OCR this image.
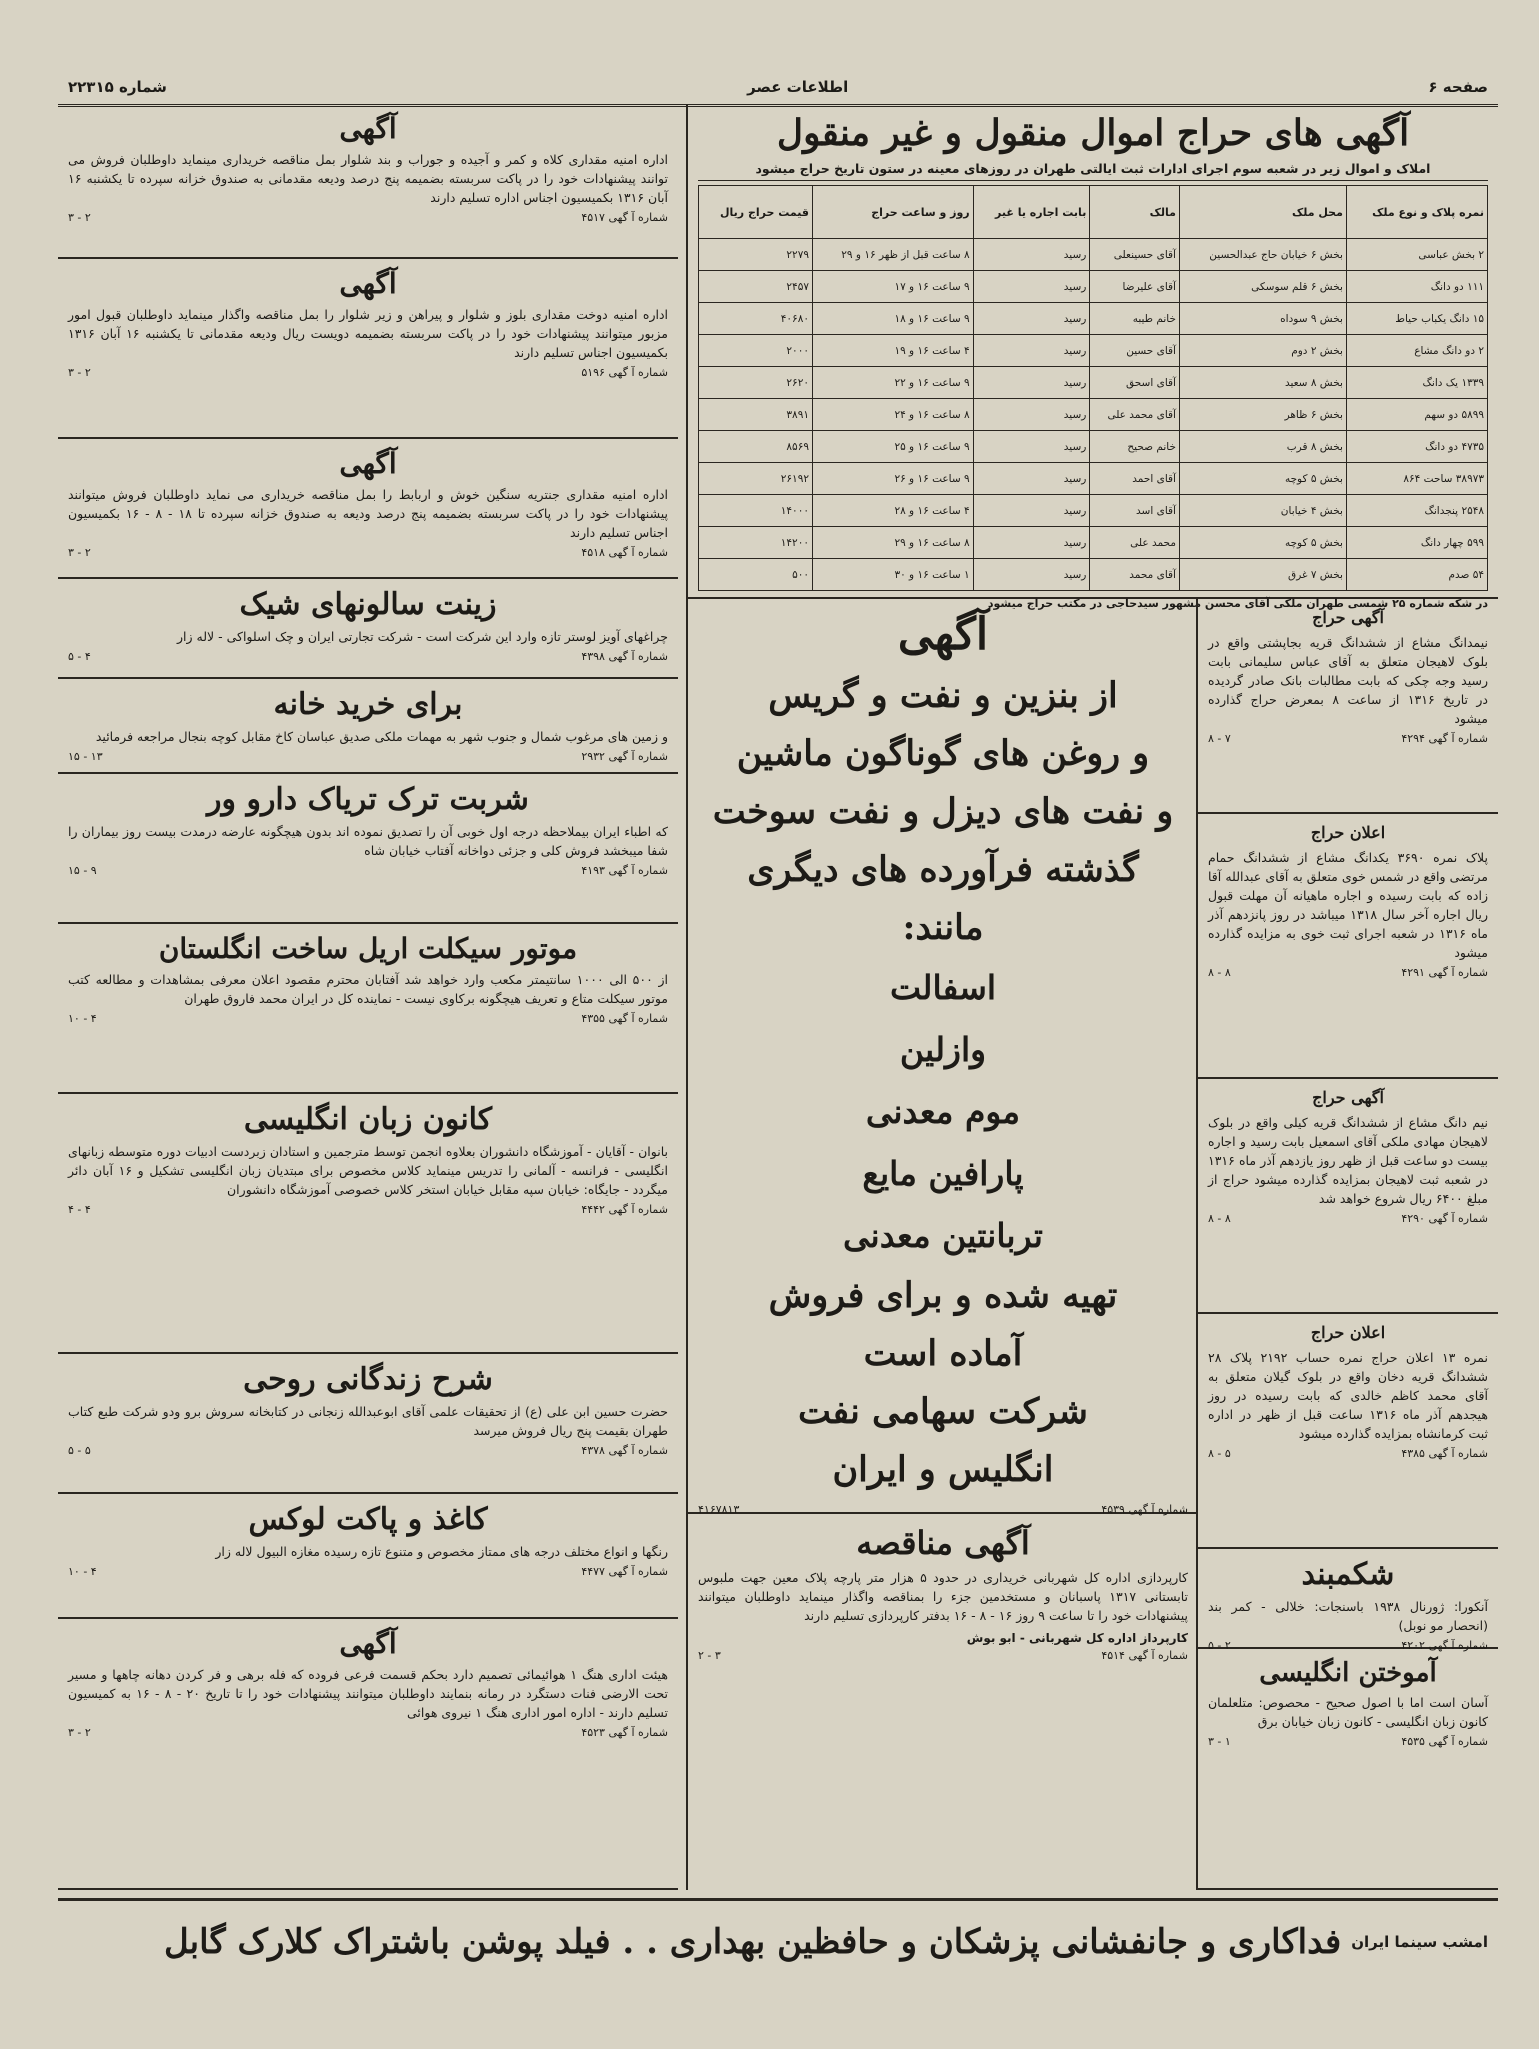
صفحه ۶
اطلاعات عصر
شماره ۲۲۳۱۵
آگهی های حراج اموال منقول و غیر منقول
املاک و اموال زیر در شعبه سوم اجرای ادارات ثبت ایالتی طهران در روزهای معینه در ستون تاریخ حراج میشود
نمره پلاک و نوع ملک	محل ملک	مالک	بابت اجاره یا غیر	روز و ساعت حراج	قیمت حراج ریال
۲ بخش عباسی	بخش ۶ خیابان حاج عبدالحسین	آقای حسینعلی	رسید	۸ ساعت قبل از ظهر ۱۶ و ۲۹	۲۲۷۹
۱۱۱ دو دانگ	بخش ۶ قلم سوسکی	آقای علیرضا	رسید	۹ ساعت ۱۶ و ۱۷	۲۴۵۷
۱۵ دانگ یکباب حیاط	بخش ۹ سوداه	خانم طیبه	رسید	۹ ساعت ۱۶ و ۱۸	۴۰۶۸۰
۲ دو دانگ مشاع	بخش ۲ دوم	آقای حسین	رسید	۴ ساعت ۱۶ و ۱۹	۲۰۰۰
۱۳۳۹ یک دانگ	بخش ۸ سعید	آقای اسحق	رسید	۹ ساعت ۱۶ و ۲۲	۲۶۲۰
۵۸۹۹ دو سهم	بخش ۶ ظاهر	آقای محمد علی	رسید	۸ ساعت ۱۶ و ۲۴	۳۸۹۱
۴۷۳۵ دو دانگ	بخش ۸ قرب	خانم صحیح	رسید	۹ ساعت ۱۶ و ۲۵	۸۵۶۹
۳۸۹۷۳ ساحت ۸۶۴	بخش ۵ کوچه	آقای احمد	رسید	۹ ساعت ۱۶ و ۲۶	۲۶۱۹۲
۲۵۴۸ پنجدانگ	بخش ۴ خیابان	آقای اسد	رسید	۴ ساعت ۱۶ و ۲۸	۱۴۰۰۰
۵۹۹ چهار دانگ	بخش ۵ کوچه	محمد علی	رسید	۸ ساعت ۱۶ و ۲۹	۱۴۲۰۰
۵۴ صدم	بخش ۷ غرق	آقای محمد	رسید	۱ ساعت ۱۶ و ۳۰	۵۰۰
در شکه شماره ۲۵ شمسی طهران ملکی آقای محسن مشهور سیدحاجی در مکتب حراج میشود
آگهی حراج
نیمدانگ مشاع از ششدانگ قریه بجاپشتی واقع در بلوک لاهیجان متعلق به آقای عباس سلیمانی بابت رسید وجه چکی که بابت مطالبات بانک صادر گردیده در تاریخ ۱۳۱۶ از ساعت ۸ بمعرض حراج گذارده میشود
شماره آ گهی ۴۲۹۴
۷ - ۸
اعلان حراج
پلاک نمره ۳۶۹۰ یکدانگ مشاع از ششدانگ حمام مرتضی واقع در شمس خوی متعلق به آقای عبدالله آقا زاده که بابت رسیده و اجاره ماهیانه آن مهلت قبول ریال اجاره آخر سال ۱۳۱۸ میباشد در روز پانزدهم آذر ماه ۱۳۱۶ در شعبه اجرای ثبت خوی به مزایده گذارده میشود
شماره آ گهی ۴۲۹۱
۸ - ۸
آگهی حراج
نیم دانگ مشاع از ششدانگ قریه کیلی واقع در بلوک لاهیجان مهادی ملکی آقای اسمعیل بابت رسید و اجاره بیست دو ساعت قبل از ظهر روز یازدهم آذر ماه ۱۳۱۶ در شعبه ثبت لاهیجان بمزایده گذارده میشود حراج از مبلغ ۶۴۰۰ ریال شروع خواهد شد
شماره آ گهی ۴۲۹۰
۸ - ۸
اعلان حراج
نمره ۱۳ اعلان حراج نمره حساب ۲۱۹۲ پلاک ۲۸ ششدانگ قریه دخان واقع در بلوک گیلان متعلق به آقای محمد کاظم خالدی که بابت رسیده در روز هیجدهم آذر ماه ۱۳۱۶ ساعت قبل از ظهر در اداره ثبت کرمانشاه بمزایده گذارده میشود
شماره آ گهی ۴۳۸۵
۵ - ۸
شکمبند
آنکورا: ژورنال ۱۹۳۸ باسنجات: خلالی - کمر بند (انحصار مو نوبل)
شماره آ گهی ۴۲۰۲
۲ - ۵
آموختن انگلیسی
آسان است اما با اصول صحیح - محصوص: متلعلمان کانون زبان انگلیسی - کانون زبان خیابان برق
شماره آ گهی ۴۵۳۵
۱ - ۳
آگهی
از بنزین و نفت و گریس
و روغن های گوناگون ماشین
و نفت های دیزل و نفت سوخت
گذشته فرآورده های دیگری
مانند:
اسفالت
وازلین
موم معدنی
پارافین مایع
تربانتین معدنی
تهیه شده و برای فروش
آماده است
شرکت سهامی نفت
انگلیس و ایران
شماره آ گهی ۴۵۳۹
۴۱۶۷۸۱۳
آگهی مناقصه
کارپردازی اداره کل شهربانی خریداری در حدود ۵ هزار متر پارچه پلاک معین جهت ملبوس تابستانی ۱۳۱۷ پاسبانان و مستخدمین جزء را بمناقصه واگذار مینماید داوطلبان میتوانند پیشنهادات خود را تا ساعت ۹ روز ۱۶ - ۸ - ۱۶ بدفتر کارپردازی تسلیم دارند
کارپرداز اداره کل شهربانی - ابو بوش
شماره آ گهی ۴۵۱۴
۳ - ۲
آگهی
اداره امنیه مقداری کلاه و کمر و آجیده و جوراب و بند شلوار بمل مناقصه خریداری مینماید داوطلبان فروش می توانند پیشنهادات خود را در پاکت سربسته بضمیمه پنج درصد ودیعه مقدمانی به صندوق خزانه سپرده تا یکشنبه ۱۶ آبان ۱۳۱۶ بکمیسیون اجناس اداره تسلیم دارند
شماره آ گهی ۴۵۱۷
۲ - ۳
آگهی
اداره امنیه دوخت مقداری بلوز و شلوار و پیراهن و زیر شلوار را بمل مناقصه واگذار مینماید داوطلبان قبول امور مزبور میتوانند پیشنهادات خود را در پاکت سربسته بضمیمه دویست ریال ودیعه مقدمانی تا یکشنبه ۱۶ آبان ۱۳۱۶ بکمیسیون اجناس تسلیم دارند
شماره آ گهی ۵۱۹۶
۲ - ۳
آگهی
اداره امنیه مقداری جنتریه سنگین خوش و اربابط را بمل مناقصه خریداری می نماید داوطلبان فروش میتوانند پیشنهادات خود را در پاکت سربسته بضمیمه پنج درصد ودیعه به صندوق خزانه سپرده تا ۱۸ - ۸ - ۱۶ بکمیسیون اجناس تسلیم دارند
شماره آ گهی ۴۵۱۸
۲ - ۳
زینت سالونهای شیک
چراغهای آویز لوستر تازه وارد این شرکت است - شرکت تجارتی ایران و چک اسلواکی - لاله زار
شماره آ گهی ۴۳۹۸
۴ - ۵
برای خرید خانه
و زمین های مرغوب شمال و جنوب شهر به مهمات ملکی صدیق عباسان کاخ مقابل کوچه بنجال مراجعه فرمائید
شماره آ گهی ۲۹۳۲
۱۳ - ۱۵
شربت ترک تریاک دارو ور
که اطباء ایران بیملاحظه درجه اول خوبی آن را تصدیق نموده اند بدون هیچگونه عارضه درمدت بیست روز بیماران را شفا میبخشد فروش کلی و جزئی دواخانه آفتاب خیابان شاه
شماره آ گهی ۴۱۹۳
۹ - ۱۵
موتور سیکلت اریل ساخت انگلستان
از ۵۰۰ الی ۱۰۰۰ سانتیمتر مکعب وارد خواهد شد آفتابان محترم مقصود اعلان معرفی بمشاهدات و مطالعه کتب موتور سیکلت متاع و تعریف هیچگونه برکاوی نیست - نماینده کل در ایران محمد فاروق طهران
شماره آ گهی ۴۳۵۵
۴ - ۱۰
کانون زبان انگلیسی
بانوان - آقایان - آموزشگاه دانشوران بعلاوه انجمن توسط مترجمین و استادان زبردست ادبیات دوره متوسطه زبانهای انگلیسی - فرانسه - آلمانی را تدریس مینماید کلاس مخصوص برای مبتدیان زبان انگلیسی تشکیل و ۱۶ آبان دائر میگردد - جایگاه: خیابان سپه مقابل خیابان استخر کلاس خصوصی آموزشگاه دانشوران
شماره آ گهی ۴۴۴۲
۴ - ۴
شرح زندگانی روحی
حضرت حسین ابن علی (ع) از تحقیقات علمی آقای ابوعبدالله زنجانی در کتابخانه سروش برو ودو شرکت طبع کتاب طهران بقیمت پنج ریال فروش میرسد
شماره آ گهی ۴۳۷۸
۵ - ۵
کاغذ و پاکت لوکس
رنگها و انواع مختلف درجه های ممتاز مخصوص و متنوع تازه رسیده مغازه البیول لاله زار
شماره آ گهی ۴۴۷۷
۴ - ۱۰
آگهی
هیئت اداری هنگ ۱ هوائیمائی تصمیم دارد بحکم قسمت فرعی فروده که فله برهی و فر کردن دهانه چاهها و مسیر تحت الارضی فنات دستگرد در رمانه بنمایند داوطلبان میتوانند پیشنهادات خود را تا تاریخ ۲۰ - ۸ - ۱۶ به کمیسیون تسلیم دارند - اداره امور اداری هنگ ۱ نیروی هوائی
شماره آ گهی ۴۵۲۳
۲ - ۳
امشب سینما ایران
فداکاری و جانفشانی پزشکان و حافظین بهداری . . فیلد پوشن باشتراک کلارک گابل
